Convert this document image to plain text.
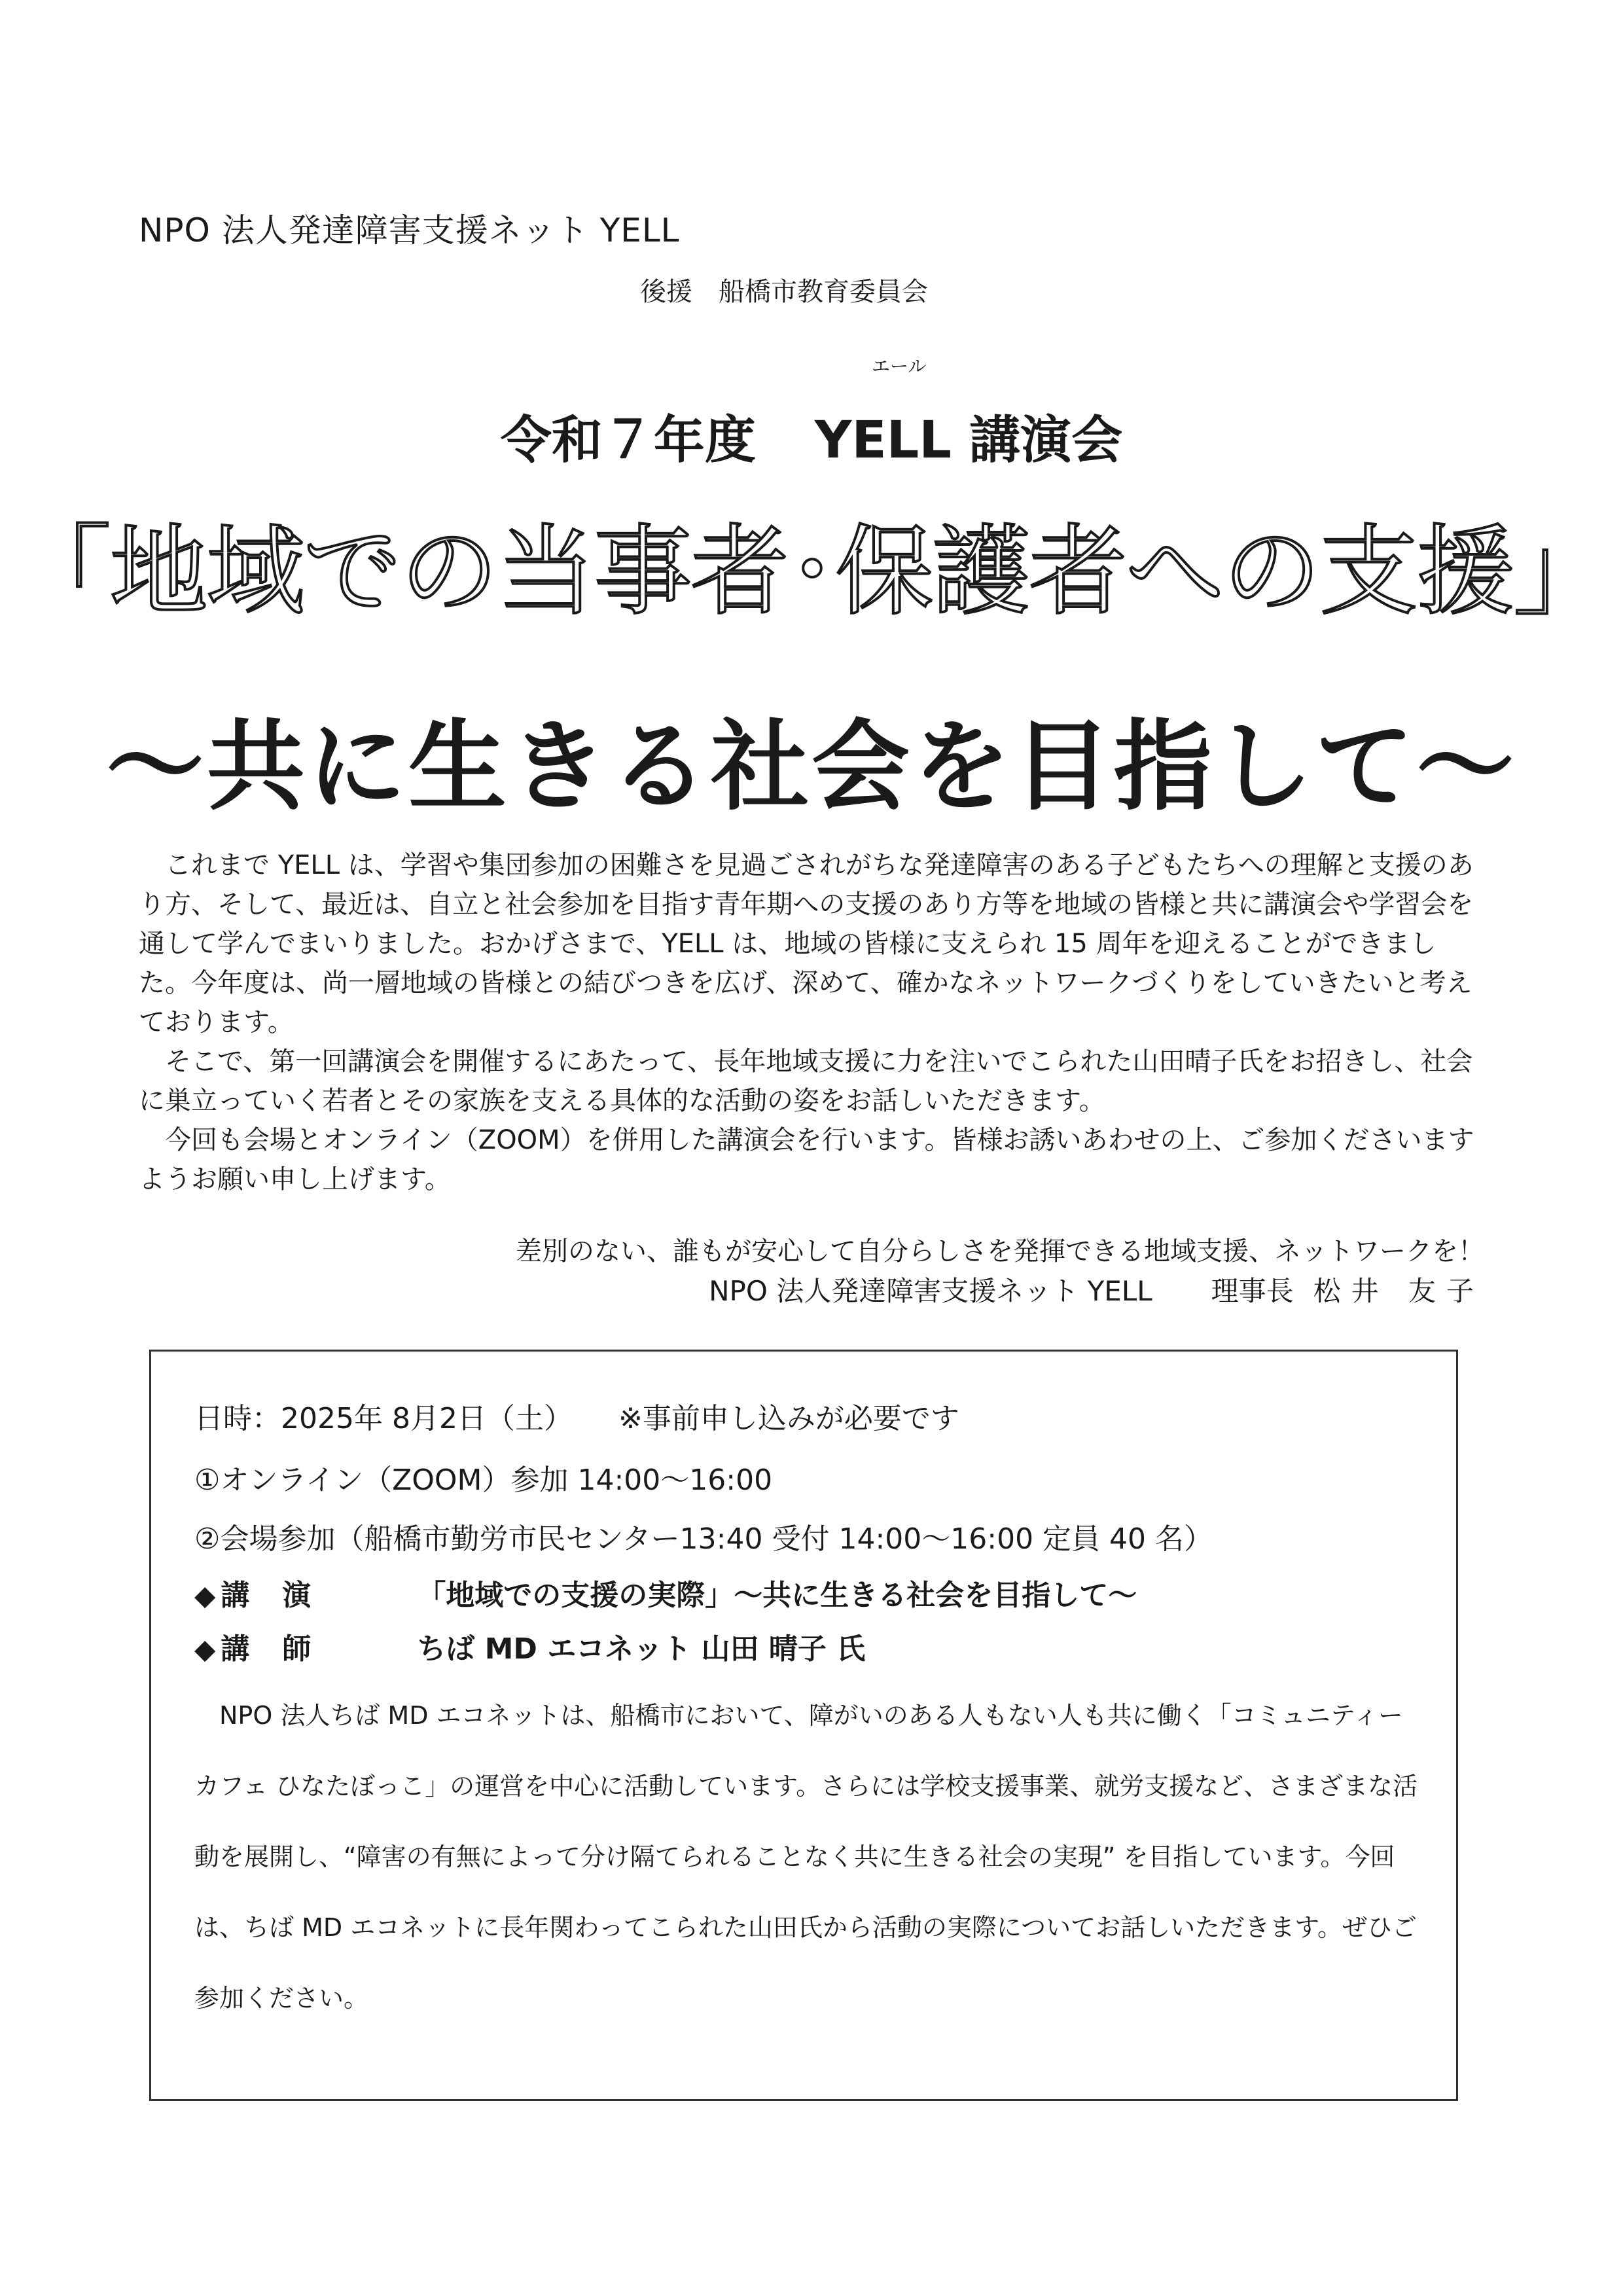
NPO 法人発達障害支援ネット YELL
後援 船橋市教育委員会
エール
令和７年度 YELL 講演会
「地域での当事者･保護者への支援」
〜共に生きる社会を目指して〜

これまで YELL は、学習や集団参加の困難さを見過ごされがちな発達障害のある子どもたちへの理解と支援のあり方、そして、最近は、自立と社会参加を目指す青年期への支援のあり方等を地域の皆様と共に講演会や学習会を通して学んでまいりました。おかげさまで、YELL は、地域の皆様に支えられ 15 周年を迎えることができました。今年度は、尚一層地域の皆様との結びつきを広げ、深めて、確かなネットワークづくりをしていきたいと考えております。

そこで、第一回講演会を開催するにあたって、長年地域支援に力を注いでこられた山田晴子氏をお招きし、社会に巣立っていく若者とその家族を支える具体的な活動の姿をお話しいただきます。

今回も会場とオンライン（ZOOM）を併用した講演会を行います。皆様お誘いあわせの上、ご参加くださいますようお願い申し上げます。

差別のない、誰もが安心して自分らしさを発揮できる地域支援、ネットワークを！
NPO 法人発達障害支援ネット YELL 理事長 松井 友子
日時：2025年 8月2日（土） ※事前申し込みが必要です
①オンライン（ZOOM）参加 14:00〜16:00
②会場参加（船橋市勤労市民センター13:40 受付 14:00〜16:00 定員 40 名）
◆ 講演	「地域での支援の実際」〜共に生きる社会を目指して〜
◆ 講師	ちば MD エコネット 山田 晴子 氏

NPO 法人ちば MD エコネットは、船橋市において、障がいのある人もない人も共に働く「コミュニティーカフェ ひなたぼっこ」の運営を中心に活動しています。さらには学校支援事業、就労支援など、さまざまな活動を展開し、“障害の有無によって分け隔てられることなく共に生きる社会の実現” を目指しています。今回は、ちば MD エコネットに長年関わってこられた山田氏から活動の実際についてお話しいただきます。ぜひご参加ください。
